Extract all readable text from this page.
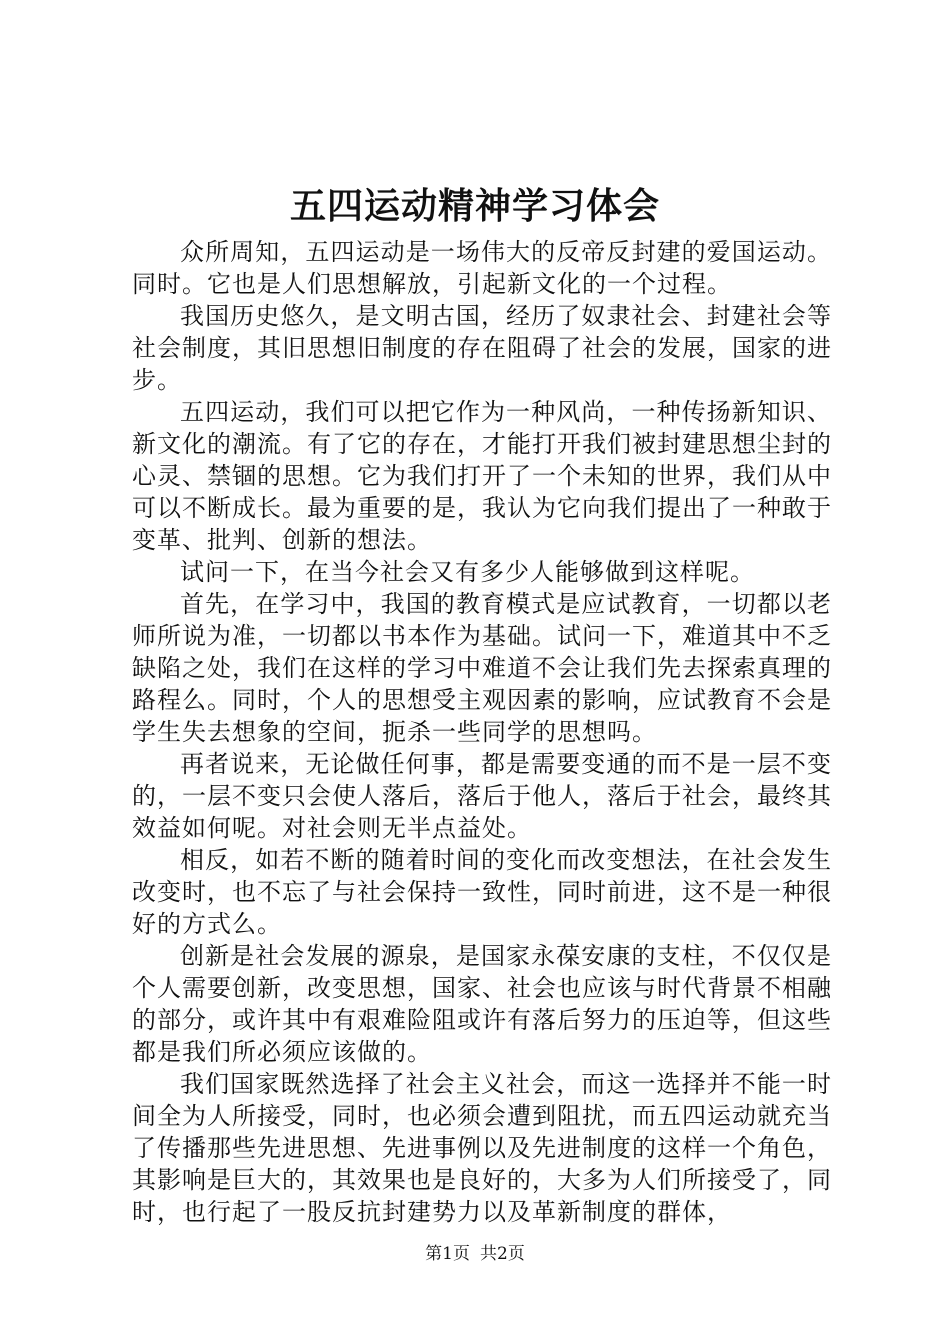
五四运动精神学习体会

众所周知，五四运动是一场伟大的反帝反封建的爱国运动。同时。它也是人们思想解放，引起新文化的一个过程。

我国历史悠久，是文明古国，经历了奴隶社会、封建社会等社会制度，其旧思想旧制度的存在阻碍了社会的发展，国家的进步。

五四运动，我们可以把它作为一种风尚，一种传扬新知识、新文化的潮流。有了它的存在，才能打开我们被封建思想尘封的心灵、禁锢的思想。它为我们打开了一个未知的世界，我们从中可以不断成长。最为重要的是，我认为它向我们提出了一种敢于变革、批判、创新的想法。

试问一下，在当今社会又有多少人能够做到这样呢。

首先，在学习中，我国的教育模式是应试教育，一切都以老师所说为准，一切都以书本作为基础。试问一下，难道其中不乏缺陷之处，我们在这样的学习中难道不会让我们先去探索真理的路程么。同时，个人的思想受主观因素的影响，应试教育不会是学生失去想象的空间，扼杀一些同学的思想吗。

再者说来，无论做任何事，都是需要变通的而不是一层不变的，一层不变只会使人落后，落后于他人，落后于社会，最终其效益如何呢。对社会则无半点益处。

相反，如若不断的随着时间的变化而改变想法，在社会发生改变时，也不忘了与社会保持一致性，同时前进，这不是一种很好的方式么。

创新是社会发展的源泉，是国家永葆安康的支柱，不仅仅是个人需要创新，改变思想，国家、社会也应该与时代背景不相融的部分，或许其中有艰难险阻或许有落后努力的压迫等，但这些都是我们所必须应该做的。

我们国家既然选择了社会主义社会，而这一选择并不能一时间全为人所接受，同时，也必须会遭到阻扰，而五四运动就充当了传播那些先进思想、先进事例以及先进制度的这样一个角色，其影响是巨大的，其效果也是良好的，大多为人们所接受了，同时，也行起了一股反抗封建势力以及革新制度的群体，

第1页 共2页
